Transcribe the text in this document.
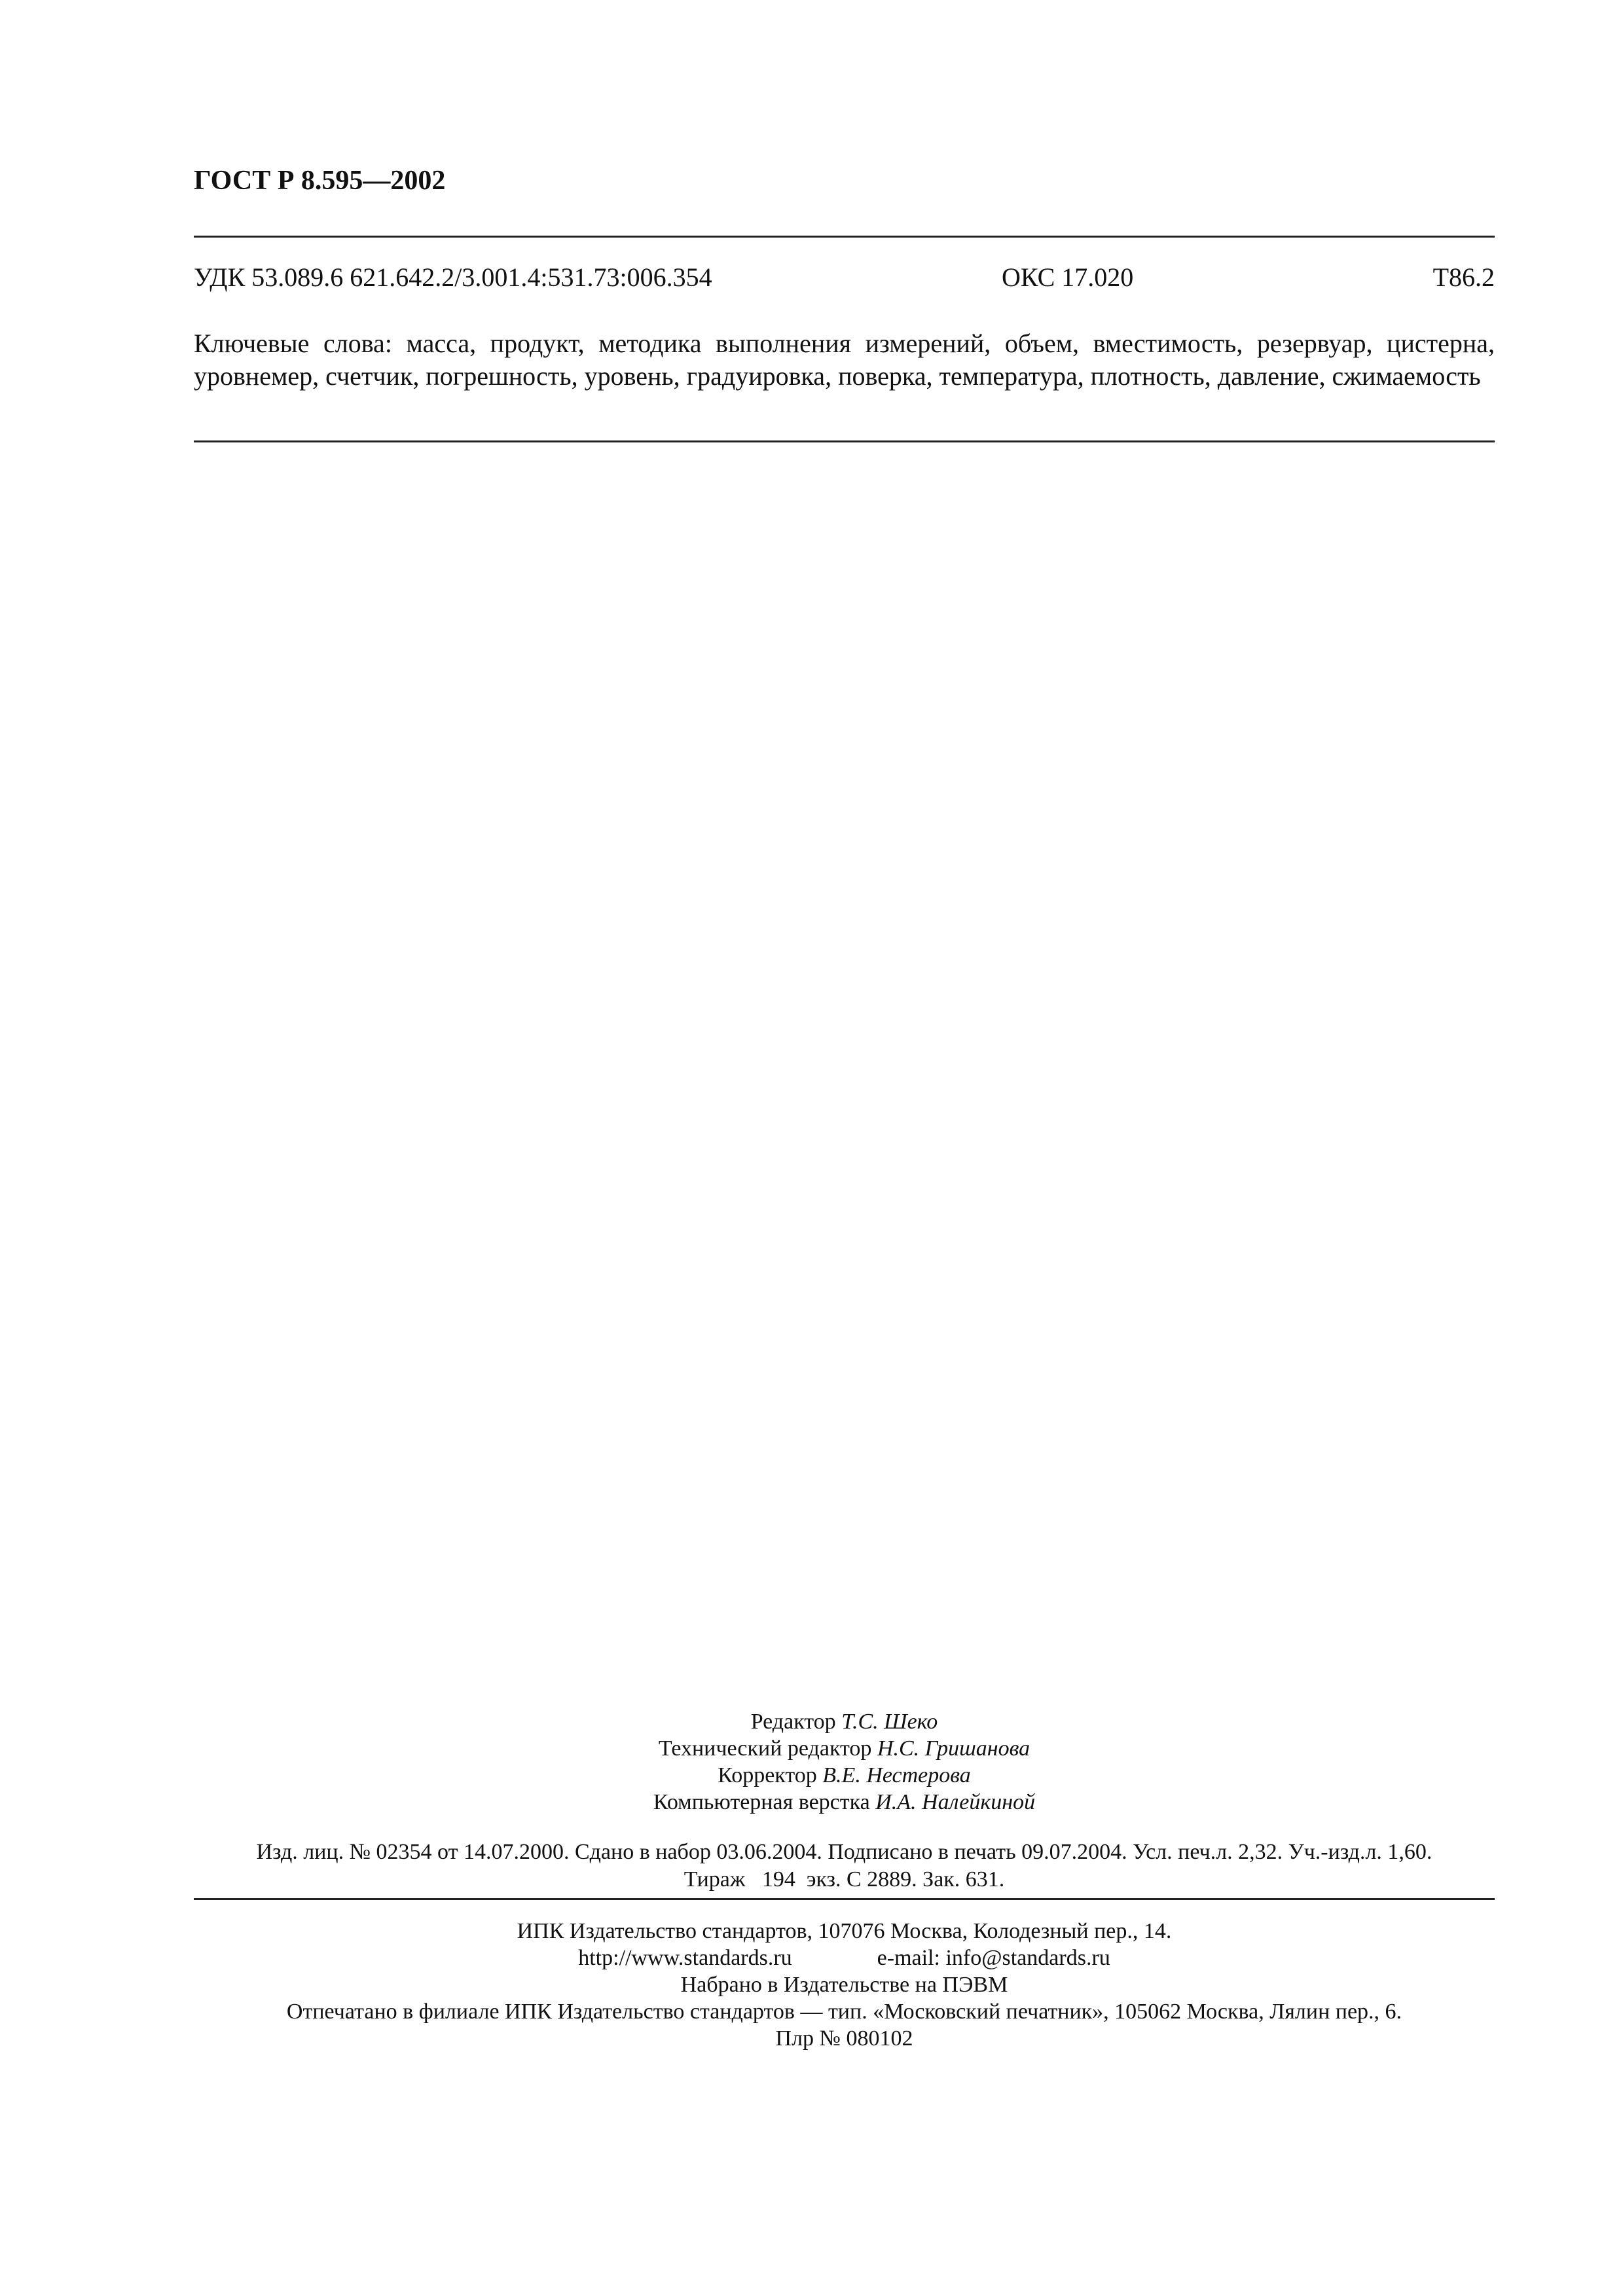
ГОСТ Р 8.595—2002
УДК 53.089.6 621.642.2/3.001.4:531.73:006.354	ОКС 17.020	Т86.2
Ключевые слова: масса, продукт, методика выполнения измерений, объем, вместимость, резервуар, цистерна, уровнемер, счетчик, погрешность, уровень, градуировка, поверка, температура, плотность, давление, сжимаемость
Редактор Т.С. Шеко
Технический редактор Н.С. Гришанова
Корректор В.Е. Нестерова
Компьютерная верстка И.А. Налейкиной
Изд. лиц. № 02354 от 14.07.2000. Сдано в набор 03.06.2004. Подписано в печать 09.07.2004. Усл. печ.л. 2,32. Уч.-изд.л. 1,60.
Тираж   194  экз. С 2889. Зак. 631.
ИПК Издательство стандартов, 107076 Москва, Колодезный пер., 14.
http://www.standards.ru	e-mail: info@standards.ru
Набрано в Издательстве на ПЭВМ
Отпечатано в филиале ИПК Издательство стандартов — тип. «Московский печатник», 105062 Москва, Лялин пер., 6.
Плр № 080102
